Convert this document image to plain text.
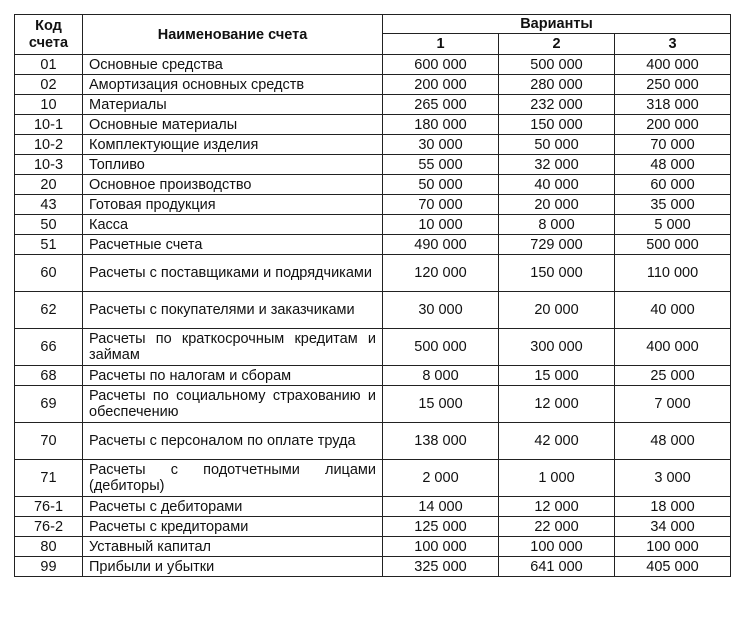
Код счета	Наименование счета	Варианты		
		1	2	3
01	Основные средства	600 000	500 000	400 000
02	Амортизация основных средств	200 000	280 000	250 000
10	Материалы	265 000	232 000	318 000
10-1	Основные материалы	180 000	150 000	200 000
10-2	Комплектующие изделия	30 000	50 000	70 000
10-3	Топливо	55 000	32 000	48 000
20	Основное производство	50 000	40 000	60 000
43	Готовая продукция	70 000	20 000	35 000
50	Касса	10 000	8 000	5 000
51	Расчетные счета	490 000	729 000	500 000
60	Расчеты с поставщиками и подрядчиками	120 000	150 000	110 000
62	Расчеты с покупателями и заказчиками	30 000	20 000	40 000
66	Расчеты по краткосрочным кредитам и займам	500 000	300 000	400 000
68	Расчеты по налогам и сборам	8 000	15 000	25 000
69	Расчеты по социальному страхованию и обеспечению	15 000	12 000	7 000
70	Расчеты с персоналом по оплате труда	138 000	42 000	48 000
71	Расчеты с подотчетными лицами (дебиторы)	2 000	1 000	3 000
76-1	Расчеты с дебиторами	14 000	12 000	18 000
76-2	Расчеты с кредиторами	125 000	22 000	34 000
80	Уставный капитал	100 000	100 000	100 000
99	Прибыли и убытки	325 000	641 000	405 000
